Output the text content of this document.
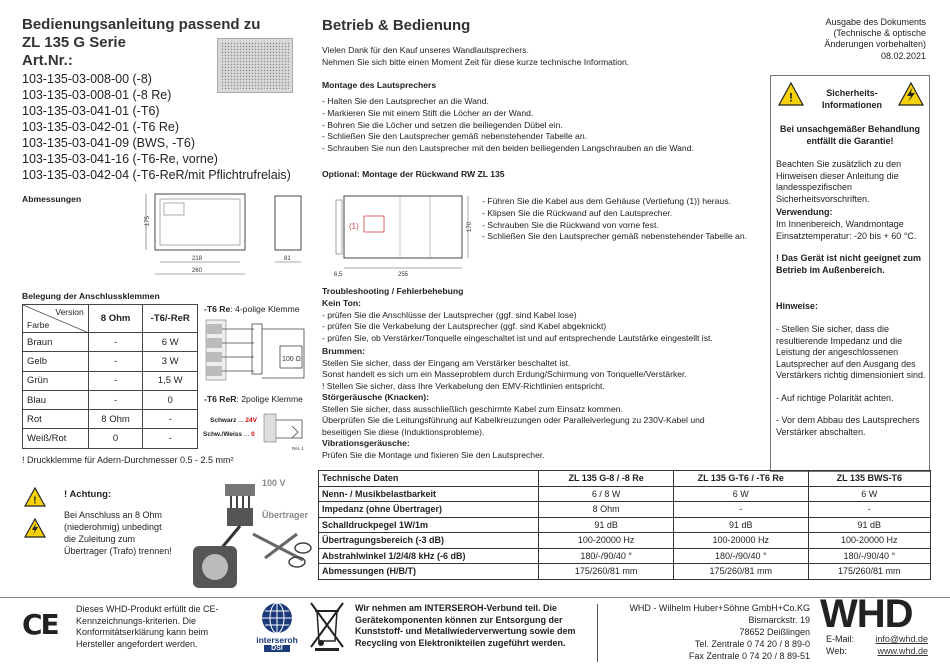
Bedienungsanleitung passend zu
ZL 135 G Serie
Art.Nr.:
103-135-03-008-00 (-8)
103-135-03-008-01 (-8 Re)
103-135-03-041-01 (-T6)
103-135-03-042-01 (-T6 Re)
103-135-03-041-09 (BWS, -T6)
103-135-03-041-16 (-T6-Re, vorne)
103-135-03-042-04 (-T6-ReR/mit Pflichtrufrelais)
Abmessungen
175
218
260
81
Belegung der Anschlussklemmen
Version
Farbe	8 Ohm	-T6/-ReR
Braun	-	6 W
Gelb	-	3 W
Grün	-	1,5 W
Blau	-	0
Rot	8 Ohm	-
Weiß/Rot	0	-
-T6 Re: 4-polige Klemme
100 Ω
-T6 ReR: 2polige Klemme
Schwarz ... 24V
Schw./Weiss ... 0
Rel. 1
! Druckklemme für Adern-Durchmesser 0.5 - 2.5 mm²
!
! Achtung:
Bei Anschluss an 8 Ohm (niederohmig) unbedingt die Zuleitung zum Übertrager (Trafo) trennen!
100 V
Übertrager
Betrieb & Bedienung
Vielen Dank für den Kauf unseres Wandlautsprechers.
Nehmen Sie sich bitte einen Moment Zeit für diese kurze technische Information.
Montage des Lautsprechers
- Halten Sie den Lautsprecher an die Wand.
- Markieren Sie mit einem Stift die Löcher an der Wand.
- Bohren Sie die Löcher und setzen die beiliegenden Dübel ein.
- Schließen Sie den Lautsprecher gemäß nebenstehender Tabelle an.
- Schrauben Sie nun den Lautsprecher mit den beiden beiliegenden Langschrauben an die Wand.
Optional: Montage der Rückwand RW ZL 135
(1)
255
6,5
170
- Führen Sie die Kabel aus dem Gehäuse (Vertiefung (1)) heraus.
- Klipsen Sie die Rückwand auf den Lautsprecher.
- Schrauben Sie die Rückwand von vorne fest.
- Schließen Sie den Lautsprecher gemäß nebenstehender Tabelle an.
Troubleshooting / Fehlerbehebung
Kein Ton:
- prüfen Sie die Anschlüsse der Lautsprecher (ggf. sind Kabel lose)
- prüfen Sie die Verkabelung der Lautsprecher (ggf. sind Kabel abgeknickt)
- prüfen Sie, ob Verstärker/Tonquelle eingeschaltet ist und auf entsprechende Lautstärke eingestellt ist.
Brummen:
Stellen Sie sicher, dass der Eingang am Verstärker beschaltet ist.
Sonst handelt es sich um ein Masseproblem durch Erdung/Schirmung von Tonquelle/Verstärker.
! Stellen Sie sicher, dass Ihre Verkabelung den EMV-Richtlinien entspricht.
Störgeräusche (Knacken):
Stellen Sie sicher, dass ausschließlich geschirmte Kabel zum Einsatz kommen.
Überprüfen Sie die Leitungsführung auf Kabelkreuzungen oder Parallelverlegung zu 230V-Kabel und
beseitigen Sie diese (Induktionsprobleme).
Vibrationsgeräusche:
Prüfen Sie die Montage und fixieren Sie den Lautsprecher.
Ausgabe des Dokuments
(Technische & optische
Änderungen vorbehalten)
08.02.2021
!	Sicherheits-
Informationen
Bei unsachgemäßer Behandlung entfällt die Garantie!
Beachten Sie zusätzlich zu den Hinweisen dieser Anleitung die landesspezifischen Sicherheitsvorschriften.
Verwendung:
Im Innenbereich, Wandmontage
Einsatztemperatur: -20 bis + 60 °C.
! Das Gerät ist nicht geeignet zum Betrieb im Außenbereich.
Hinweise:
- Stellen Sie sicher, dass die resultierende Impedanz und die Leistung der angeschlossenen Lautsprecher auf den Ausgang des Verstärkers richtig dimensioniert sind.
- Auf richtige Polarität achten.
- Vor dem Abbau des Lautsprechers Verstärker abschalten.
Technische Daten	ZL 135 G-8 / -8 Re	ZL 135 G-T6 / -T6 Re	ZL 135 BWS-T6
Nenn- / Musikbelastbarkeit	6 / 8 W	6 W	6 W
Impedanz (ohne Übertrager)	8 Ohm	-	-
Schalldruckpegel 1W/1m	91 dB	91 dB	91 dB
Übertragungsbereich (-3 dB)	100-20000 Hz	100-20000 Hz	100-20000 Hz
Abstrahlwinkel 1/2/4/8 kHz (-6 dB)	180/-/90/40 °	180/-/90/40 °	180/-/90/40 °
Abmessungen (H/B/T)	175/260/81 mm	175/260/81 mm	175/260/81 mm
CE Dieses WHD-Produkt erfüllt die CE-Kennzeichnungs-kriterien. Die Konformitätserklärung kann beim Hersteller angefordert werden.	interseroh
DSI
Wir nehmen am INTERSEROH-Verbund teil. Die Gerätekomponenten können zur Entsorgung der Kunststoff- und Metallwiederverwertung sowie dem Recycling von Elektronikteilen zugeführt werden.
WHD - Wilhelm Huber+Söhne GmbH+Co.KG
Bismarckstr. 19
78652 Deißlingen
Tel. Zentrale 0 74 20 / 8 89-0
Fax Zentrale 0 74 20 / 8 89-51
WHD
E-Mail:
Web:
info@whd.de
www.whd.de
